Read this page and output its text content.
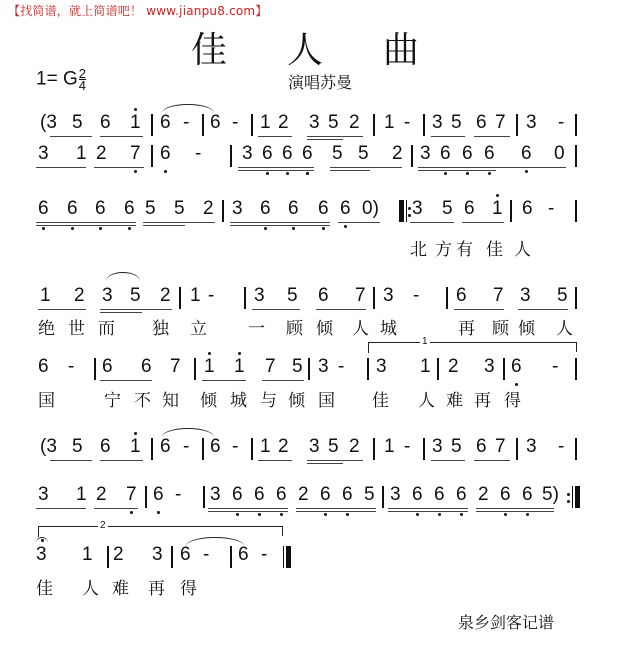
【找简谱，就上简谱吧！ www.jianpu8.com】
佳人曲
1= G $\frac{2}{4}$	演唱苏曼
(3 5 6 1 6 - 6 - 1 2 3 5 2 1 - 3 5 6 7 3 -
3 1 2 7 6 - 3 6 6 6 5 5 2 3 6 6 6 6 0
6 6 6 6 5 5 2 3 6 6 6 6 0) 3 5 6 1 6 -
北 方 有 佳 人
1 2 3 5 2 1 - 3 5 6 7 3 - 6 7 3 5
绝 世 而 独 立 一 顾 倾 人 城	再 顾 倾 人
1
6 - 6 6 7 1 1 7 5 3 - 3 1 2 3 6 -
国	宁 不 知 倾 城 与 倾 国 佳 人 难 再 得
(3 5 6 1 6 - 6 - 1 2 3 5 2 1 - 3 5 6 7 3 -
3 1 2 7 6 - 3 6 6 6 2 6 6 5 3 6 6 6 2 6 6 5)
2
3 1 2 3 6 - 6 -
佳 人 难 再 得
泉乡剑客记谱
